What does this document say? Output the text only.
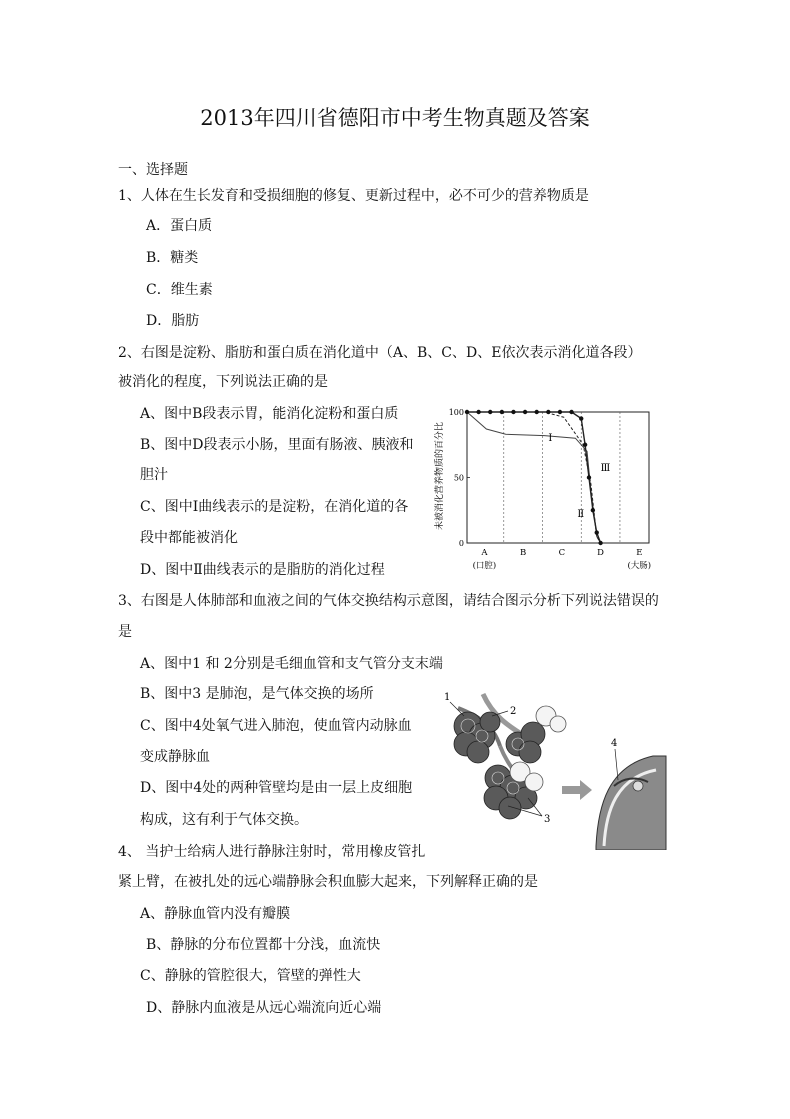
2013年四川省德阳市中考生物真题及答案
一、选择题
1、人体在生长发育和受损细胞的修复、更新过程中，必不可少的营养物质是
A．蛋白质
B．糖类
C．维生素
D．脂肪
2、右图是淀粉、脂肪和蛋白质在消化道中（A、B、C、D、E依次表示消化道各段）
被消化的程度，下列说法正确的是
A、图中B段表示胃，能消化淀粉和蛋白质
B、图中D段表示小肠，里面有肠液、胰液和
胆汁
C、图中Ⅰ曲线表示的是淀粉，在消化道的各
段中都能被消化
D、图中Ⅱ曲线表示的是脂肪的消化过程
未被消化营养物质的百分比
100
50
0
A
(口腔)
B	C	D	E
(大肠)
Ⅰ
Ⅱ
Ⅲ
3、右图是人体肺部和血液之间的气体交换结构示意图，请结合图示分析下列说法错误的
是
A、图中1 和 2分别是毛细血管和支气管分支末端
B、图中3 是肺泡，是气体交换的场所
C、图中4处氧气进入肺泡，使血管内动脉血
变成静脉血
D、图中4处的两种管壁均是由一层上皮细胞
构成，这有利于气体交换。
1
2
3
4
4、 当护士给病人进行静脉注射时，常用橡皮管扎
紧上臂，在被扎处的远心端静脉会积血膨大起来，下列解释正确的是
A、静脉血管内没有瓣膜
B、静脉的分布位置都十分浅，血流快
C、静脉的管腔很大，管壁的弹性大
D、静脉内血液是从远心端流向近心端
